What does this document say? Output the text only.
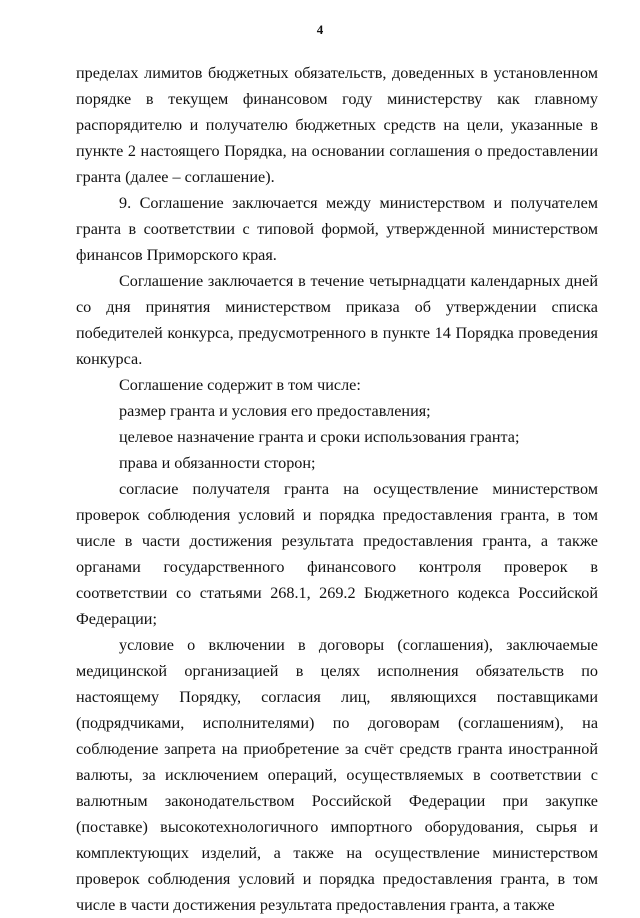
4

пределах лимитов бюджетных обязательств, доведенных в установленном порядке в текущем финансовом году министерству как главному распорядителю и получателю бюджетных средств на цели, указанные в пункте 2 настоящего Порядка, на основании соглашения о предоставлении гранта (далее – соглашение).

9. Соглашение заключается между министерством и получателем гранта в соответствии с типовой формой, утвержденной министерством финансов Приморского края.

Соглашение заключается в течение четырнадцати календарных дней со дня принятия министерством приказа об утверждении списка победителей конкурса, предусмотренного в пункте 14 Порядка проведения конкурса.

Соглашение содержит в том числе:

размер гранта и условия его предоставления;

целевое назначение гранта и сроки использования гранта;

права и обязанности сторон;

согласие получателя гранта на осуществление министерством проверок соблюдения условий и порядка предоставления гранта, в том числе в части достижения результата предоставления гранта, а также органами государственного финансового контроля проверок в соответствии со статьями 268.1, 269.2 Бюджетного кодекса Российской Федерации;

условие о включении в договоры (соглашения), заключаемые медицинской организацией в целях исполнения обязательств по настоящему Порядку, согласия лиц, являющихся поставщиками (подрядчиками, исполнителями) по договорам (соглашениям), на соблюдение запрета на приобретение за счёт средств гранта иностранной валюты, за исключением операций, осуществляемых в соответствии с валютным законодательством Российской Федерации при закупке (поставке) высокотехнологичного импортного оборудования, сырья и комплектующих изделий, а также на осуществление министерством проверок соблюдения условий и порядка предоставления гранта, в том числе в части достижения результата предоставления гранта, а также
